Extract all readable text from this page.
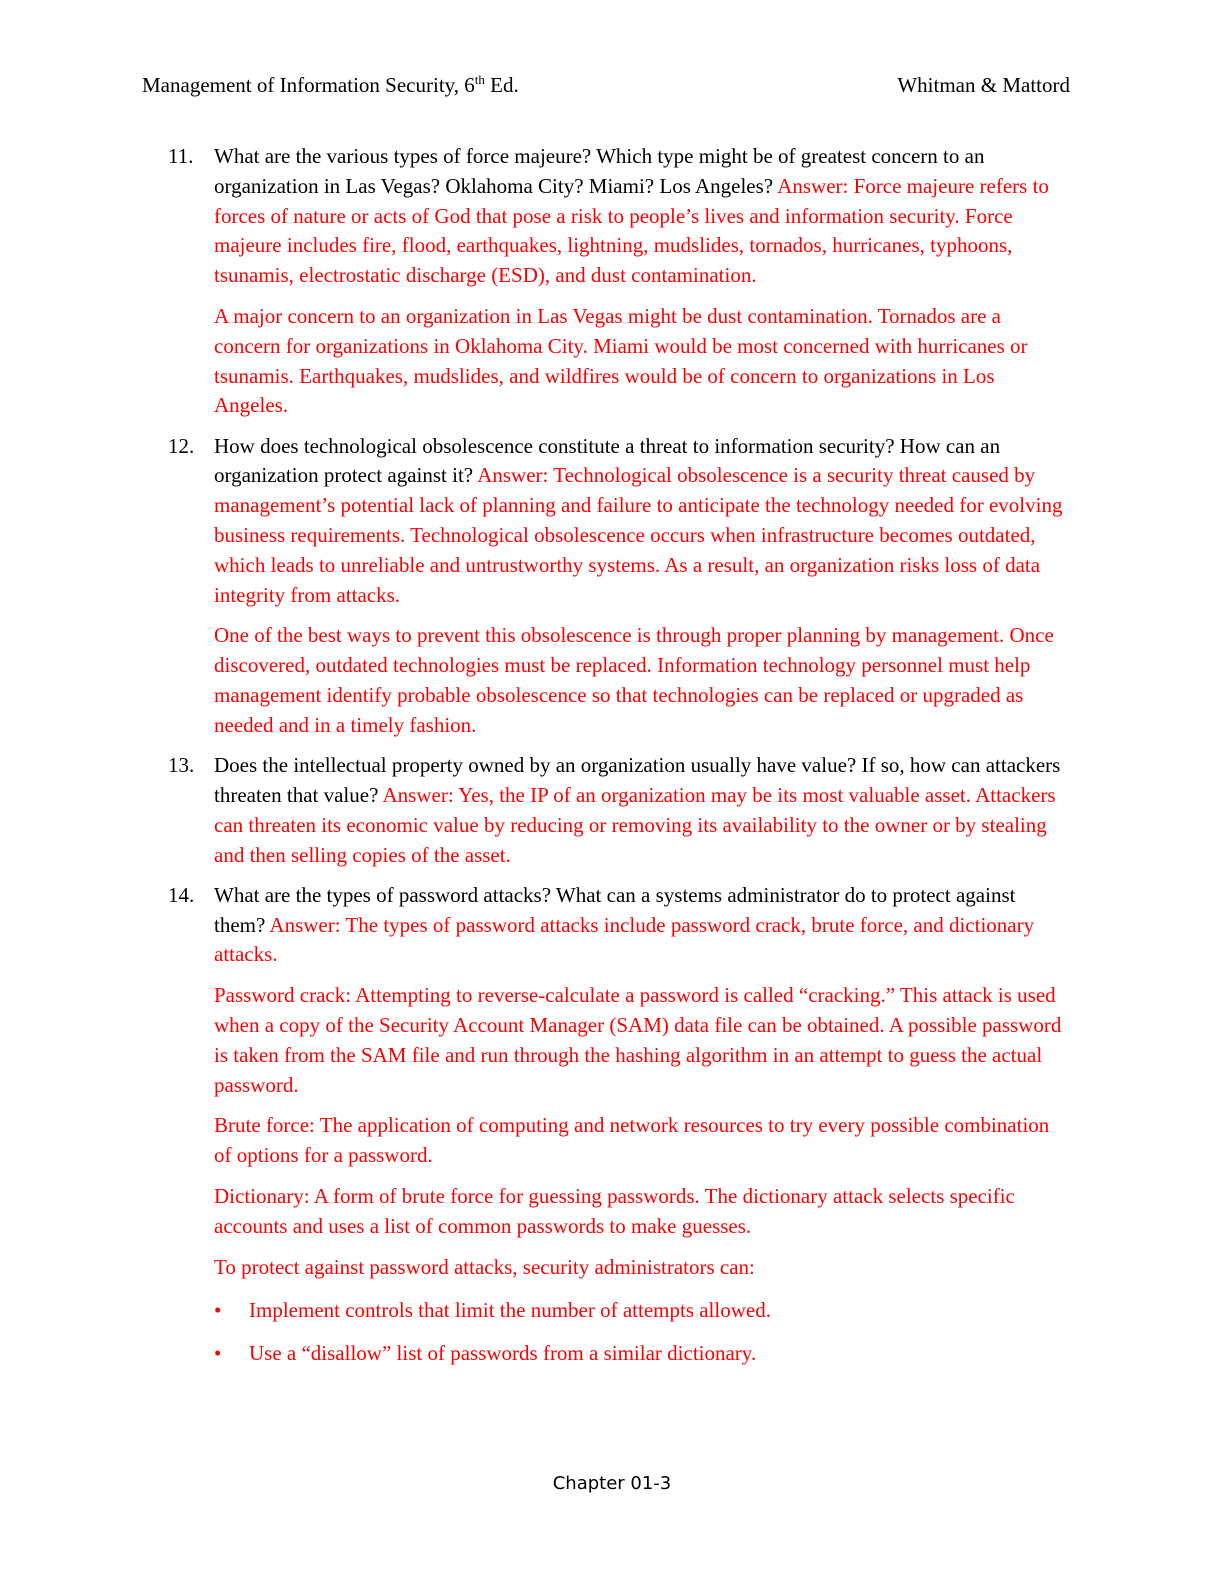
Management of Information Security, 6th Ed.	Whitman & Mattord
11. What are the various types of force majeure? Which type might be of greatest concern to an organization in Las Vegas? Oklahoma City? Miami? Los Angeles? Answer: Force majeure refers to forces of nature or acts of God that pose a risk to people’s lives and information security. Force majeure includes fire, flood, earthquakes, lightning, mudslides, tornados, hurricanes, typhoons, tsunamis, electrostatic discharge (ESD), and dust contamination.
A major concern to an organization in Las Vegas might be dust contamination. Tornados are a concern for organizations in Oklahoma City. Miami would be most concerned with hurricanes or tsunamis. Earthquakes, mudslides, and wildfires would be of concern to organizations in Los Angeles.
12. How does technological obsolescence constitute a threat to information security? How can an organization protect against it? Answer: Technological obsolescence is a security threat caused by management’s potential lack of planning and failure to anticipate the technology needed for evolving business requirements. Technological obsolescence occurs when infrastructure becomes outdated, which leads to unreliable and untrustworthy systems. As a result, an organization risks loss of data integrity from attacks.
One of the best ways to prevent this obsolescence is through proper planning by management. Once discovered, outdated technologies must be replaced. Information technology personnel must help management identify probable obsolescence so that technologies can be replaced or upgraded as needed and in a timely fashion.
13. Does the intellectual property owned by an organization usually have value? If so, how can attackers threaten that value? Answer: Yes, the IP of an organization may be its most valuable asset. Attackers can threaten its economic value by reducing or removing its availability to the owner or by stealing and then selling copies of the asset.
14. What are the types of password attacks? What can a systems administrator do to protect against them? Answer: The types of password attacks include password crack, brute force, and dictionary attacks.
Password crack: Attempting to reverse-calculate a password is called “cracking.” This attack is used when a copy of the Security Account Manager (SAM) data file can be obtained. A possible password is taken from the SAM file and run through the hashing algorithm in an attempt to guess the actual password.
Brute force: The application of computing and network resources to try every possible combination of options for a password.
Dictionary: A form of brute force for guessing passwords. The dictionary attack selects specific accounts and uses a list of common passwords to make guesses.
To protect against password attacks, security administrators can:
• Implement controls that limit the number of attempts allowed.
• Use a “disallow” list of passwords from a similar dictionary.
Chapter 01-3
